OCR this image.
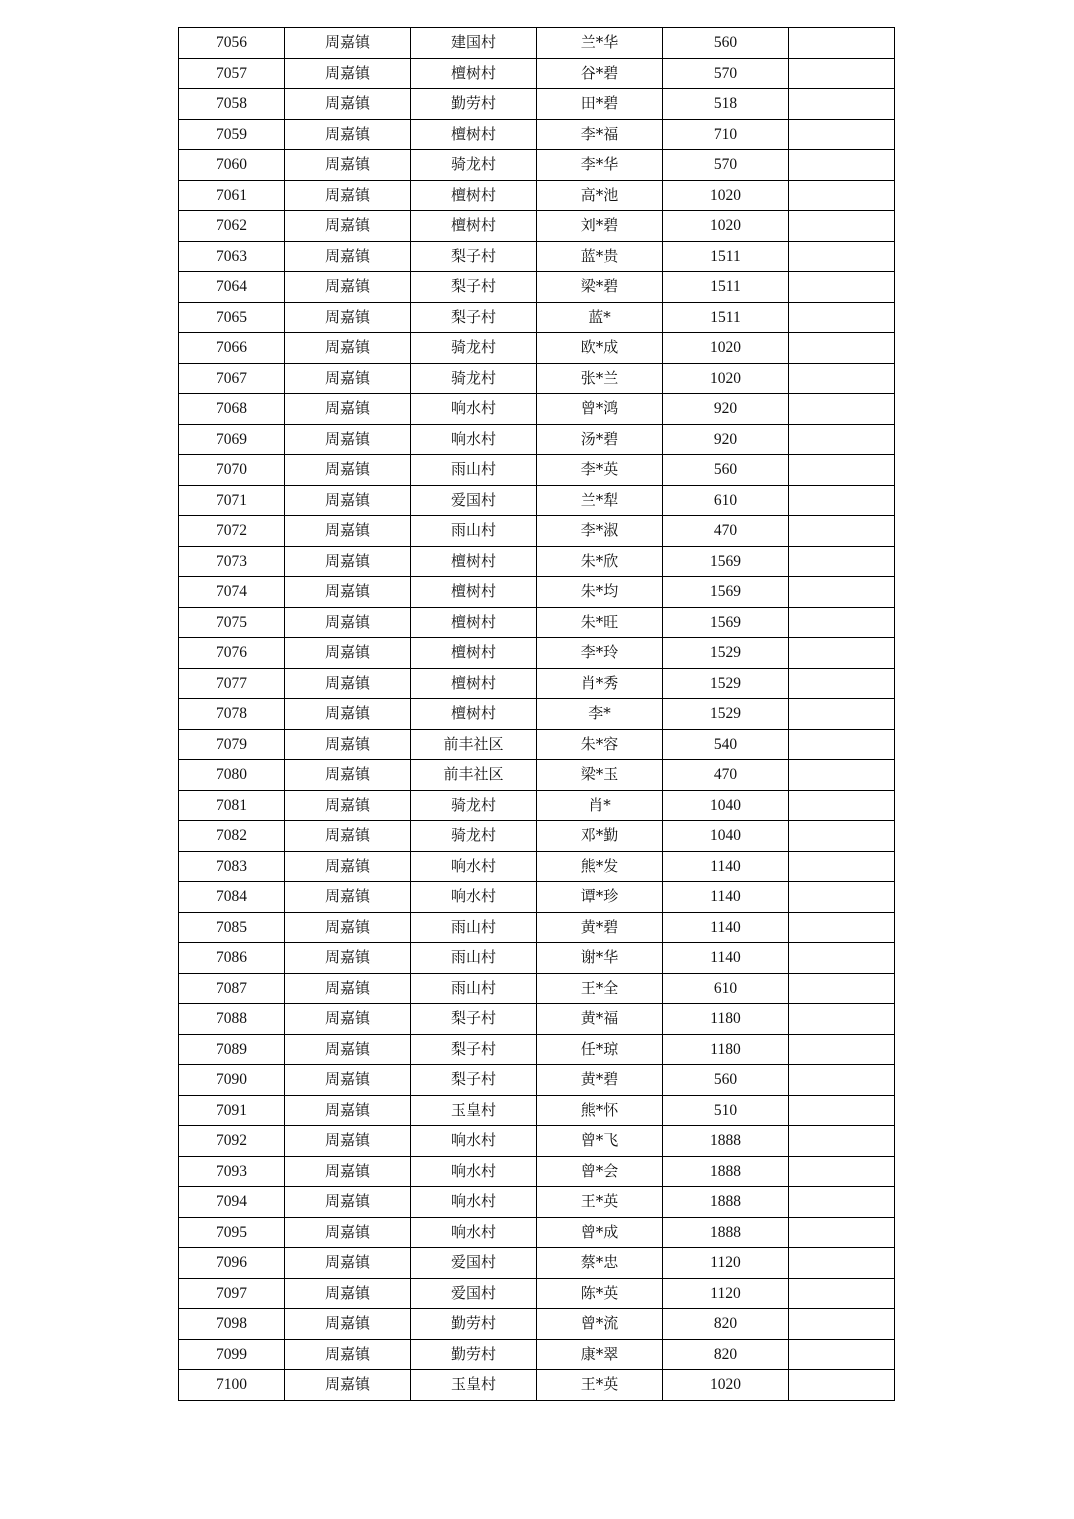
7056	周嘉镇	建国村	兰*华	560	
7057	周嘉镇	檀树村	谷*碧	570	
7058	周嘉镇	勤劳村	田*碧	518	
7059	周嘉镇	檀树村	李*福	710	
7060	周嘉镇	骑龙村	李*华	570	
7061	周嘉镇	檀树村	高*池	1020	
7062	周嘉镇	檀树村	刘*碧	1020	
7063	周嘉镇	梨子村	蓝*贵	1511	
7064	周嘉镇	梨子村	梁*碧	1511	
7065	周嘉镇	梨子村	蓝*	1511	
7066	周嘉镇	骑龙村	欧*成	1020	
7067	周嘉镇	骑龙村	张*兰	1020	
7068	周嘉镇	响水村	曾*鸿	920	
7069	周嘉镇	响水村	汤*碧	920	
7070	周嘉镇	雨山村	李*英	560	
7071	周嘉镇	爱国村	兰*犁	610	
7072	周嘉镇	雨山村	李*淑	470	
7073	周嘉镇	檀树村	朱*欣	1569	
7074	周嘉镇	檀树村	朱*均	1569	
7075	周嘉镇	檀树村	朱*旺	1569	
7076	周嘉镇	檀树村	李*玲	1529	
7077	周嘉镇	檀树村	肖*秀	1529	
7078	周嘉镇	檀树村	李*	1529	
7079	周嘉镇	前丰社区	朱*容	540	
7080	周嘉镇	前丰社区	梁*玉	470	
7081	周嘉镇	骑龙村	肖*	1040	
7082	周嘉镇	骑龙村	邓*勤	1040	
7083	周嘉镇	响水村	熊*发	1140	
7084	周嘉镇	响水村	谭*珍	1140	
7085	周嘉镇	雨山村	黄*碧	1140	
7086	周嘉镇	雨山村	谢*华	1140	
7087	周嘉镇	雨山村	王*全	610	
7088	周嘉镇	梨子村	黄*福	1180	
7089	周嘉镇	梨子村	任*琼	1180	
7090	周嘉镇	梨子村	黄*碧	560	
7091	周嘉镇	玉皇村	熊*怀	510	
7092	周嘉镇	响水村	曾*飞	1888	
7093	周嘉镇	响水村	曾*会	1888	
7094	周嘉镇	响水村	王*英	1888	
7095	周嘉镇	响水村	曾*成	1888	
7096	周嘉镇	爱国村	蔡*忠	1120	
7097	周嘉镇	爱国村	陈*英	1120	
7098	周嘉镇	勤劳村	曾*流	820	
7099	周嘉镇	勤劳村	康*翠	820	
7100	周嘉镇	玉皇村	王*英	1020	
